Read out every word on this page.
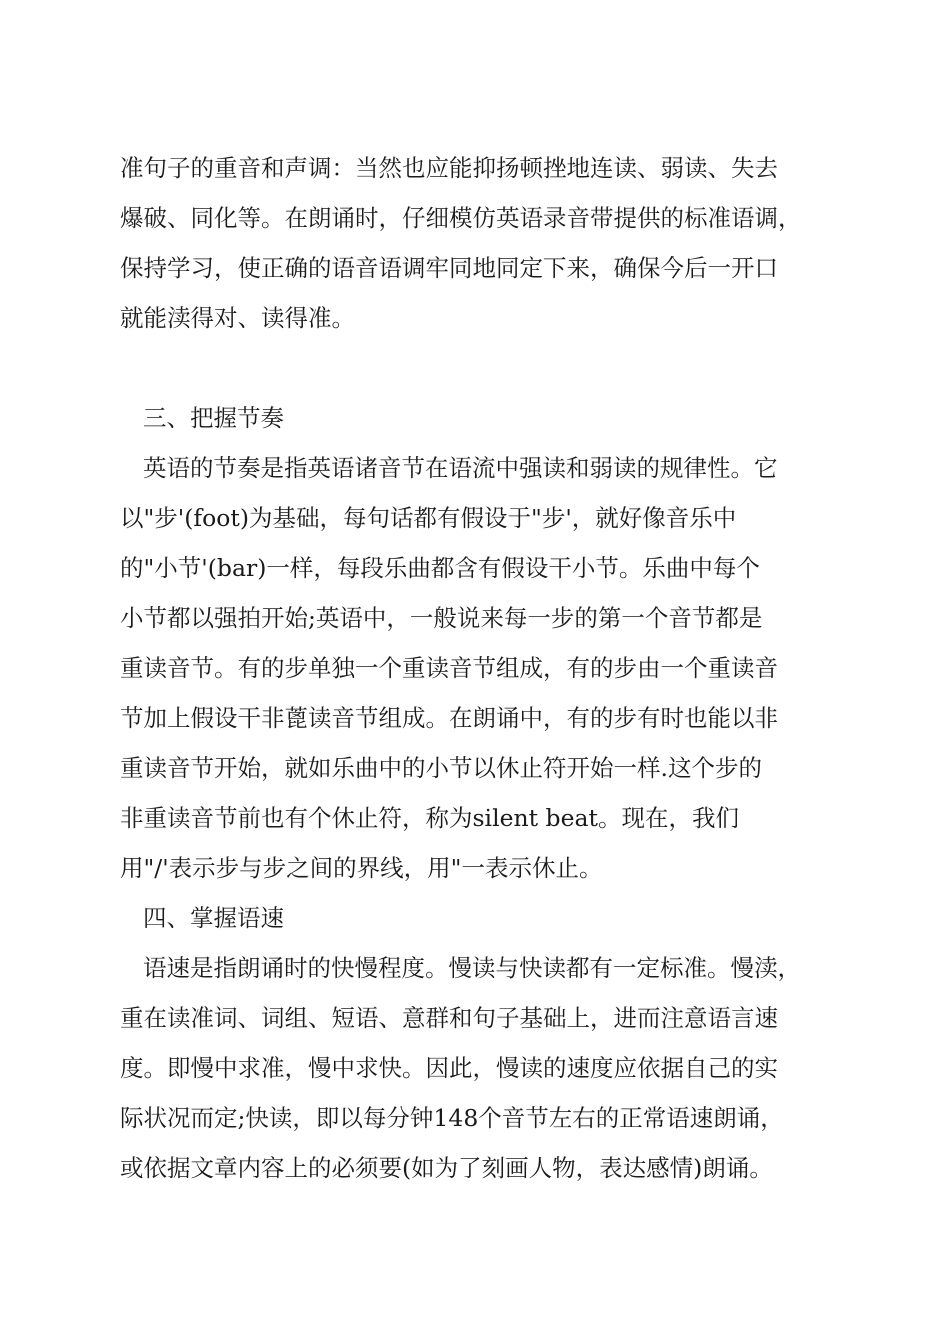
准句子的重音和声调：当然也应能抑扬顿挫地连读、弱读、失去
爆破、同化等。在朗诵时，仔细模仿英语录音带提供的标准语调，
保持学习，使正确的语音语调牢同地同定下来，确保今后一开口
就能渎得对、读得准。
三、把握节奏
英语的节奏是指英语诸音节在语流中强读和弱读的规律性。它
以"步'(foot)为基础，每句话都有假设于"步'，就好像音乐中
的"小节'(bar)一样，每段乐曲都含有假设干小节。乐曲中每个
小节都以强拍开始;英语中，一般说来每一步的第一个音节都是
重读音节。有的步单独一个重读音节组成，有的步由一个重读音
节加上假设干非蓖读音节组成。在朗诵中，有的步有时也能以非
重读音节开始，就如乐曲中的小节以休止符开始一样.这个步的
非重读音节前也有个休止符，称为silent beat。现在，我们
用"/'表示步与步之间的界线，用"一表示休止。
四、掌握语速
语速是指朗诵时的快慢程度。慢读与快读都有一定标准。慢渎，
重在读准词、词组、短语、意群和句子基础上，进而注意语言速
度。即慢中求准，慢中求快。因此，慢读的速度应依据自己的实
际状况而定;快读，即以每分钟148个音节左右的正常语速朗诵，
或依据文章内容上的必须要(如为了刻画人物，表达感情)朗诵。
